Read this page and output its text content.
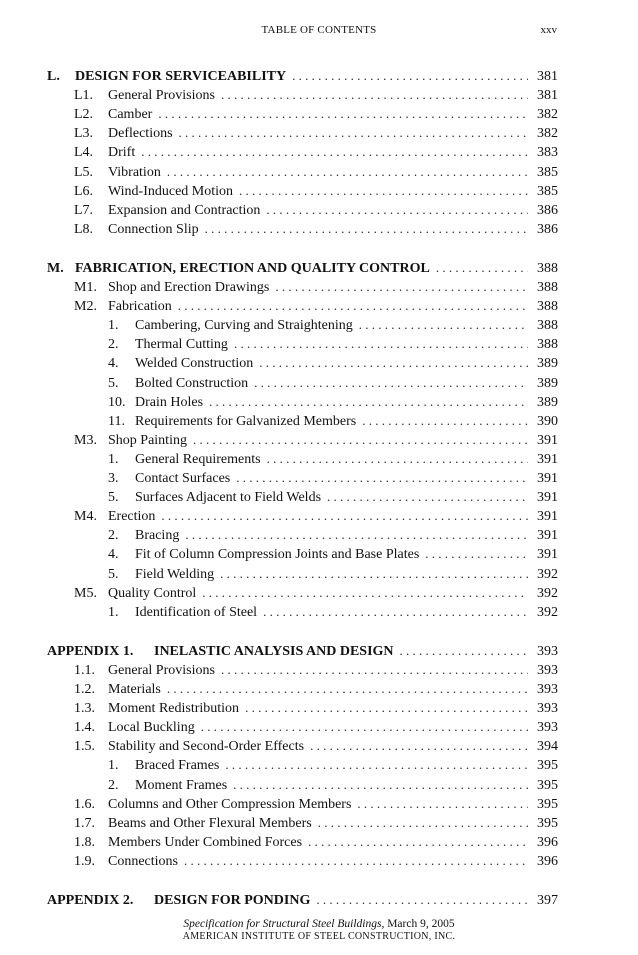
TABLE OF CONTENTS	xxv
L.	DESIGN FOR SERVICEABILITY . . .	381
L1.	General Provisions . . .	381
L2.	Camber . . .	382
L3.	Deflections . . .	382
L4.	Drift . . .	383
L5.	Vibration . . .	385
L6.	Wind-Induced Motion . . .	385
L7.	Expansion and Contraction . . .	386
L8.	Connection Slip . . .	386
M. FABRICATION, ERECTION AND QUALITY CONTROL . . .	388
M1. Shop and Erection Drawings . . .	388
M2. Fabrication . . .	388
1.	Cambering, Curving and Straightening . . .	388
2.	Thermal Cutting . . .	388
4.	Welded Construction . . .	389
5.	Bolted Construction . . .	389
10. Drain Holes . . .	389
11. Requirements for Galvanized Members . . .	390
M3. Shop Painting . . .	391
1.	General Requirements . . .	391
3.	Contact Surfaces . . .	391
5.	Surfaces Adjacent to Field Welds . . .	391
M4. Erection . . .	391
2.	Bracing . . .	391
4.	Fit of Column Compression Joints and Base Plates . . .	391
5.	Field Welding . . .	392
M5. Quality Control . . .	392
1.	Identification of Steel . . .	392
APPENDIX 1.	INELASTIC ANALYSIS AND DESIGN . . .	393
1.1. General Provisions . . .	393
1.2. Materials . . .	393
1.3. Moment Redistribution . . .	393
1.4. Local Buckling . . .	393
1.5. Stability and Second-Order Effects . . .	394
1.	Braced Frames . . .	395
2.	Moment Frames . . .	395
1.6. Columns and Other Compression Members . . .	395
1.7. Beams and Other Flexural Members . . .	395
1.8. Members Under Combined Forces . . .	396
1.9. Connections . . .	396
APPENDIX 2.	DESIGN FOR PONDING . . .	397
Specification for Structural Steel Buildings, March 9, 2005
AMERICAN INSTITUTE OF STEEL CONSTRUCTION, INC.
